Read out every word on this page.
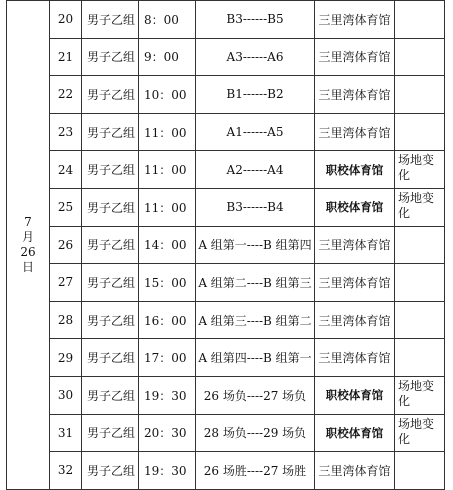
7
月
26
日	20	男子乙组	8：00	B3------B5	三里湾体育馆	
	21	男子乙组	9：00	A3------A6	三里湾体育馆	
	22	男子乙组	10：00	B1------B2	三里湾体育馆	
	23	男子乙组	11：00	A1------A5	三里湾体育馆	
	24	男子乙组	11：00	A2------A4	职校体育馆	场地变化
	25	男子乙组	11：00	B3------B4	职校体育馆	场地变化
	26	男子乙组	14：00	A 组第一----B 组第四	三里湾体育馆	
	27	男子乙组	15：00	A 组第二----B 组第三	三里湾体育馆	
	28	男子乙组	16：00	A 组第三----B 组第二	三里湾体育馆	
	29	男子乙组	17：00	A 组第四----B 组第一	三里湾体育馆	
	30	男子乙组	19：30	26 场负----27 场负	职校体育馆	场地变化
	31	男子乙组	20：30	28 场负----29 场负	职校体育馆	场地变化
	32	男子乙组	19：30	26 场胜----27 场胜	三里湾体育馆	
